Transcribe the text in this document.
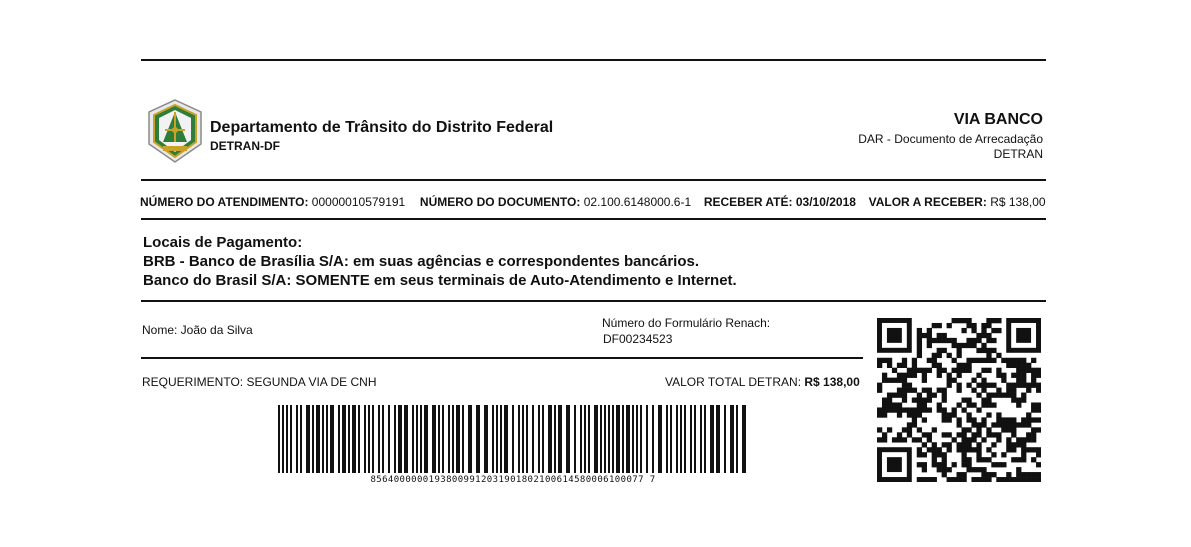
Departamento de Trânsito do Distrito Federal
DETRAN-DF
VIA BANCO
DAR - Documento de Arrecadação
DETRAN
NÚMERO DO ATENDIMENTO: 00000010579191 NÚMERO DO DOCUMENTO: 02.100.6148000.6-1 RECEBER ATÉ: 03/10/2018 VALOR A RECEBER: R$ 138,00
Locais de Pagamento:
BRB - Banco de Brasília S/A: em suas agências e correspondentes bancários.
Banco do Brasil S/A: SOMENTE em seus terminais de Auto-Atendimento e Internet.
Nome: João da Silva	Número do Formulário Renach:
DF00234523
REQUERIMENTO: SEGUNDA VIA DE CNH	VALOR TOTAL DETRAN: R$ 138,00
85640000001938009912031901802100614580006100077 7
